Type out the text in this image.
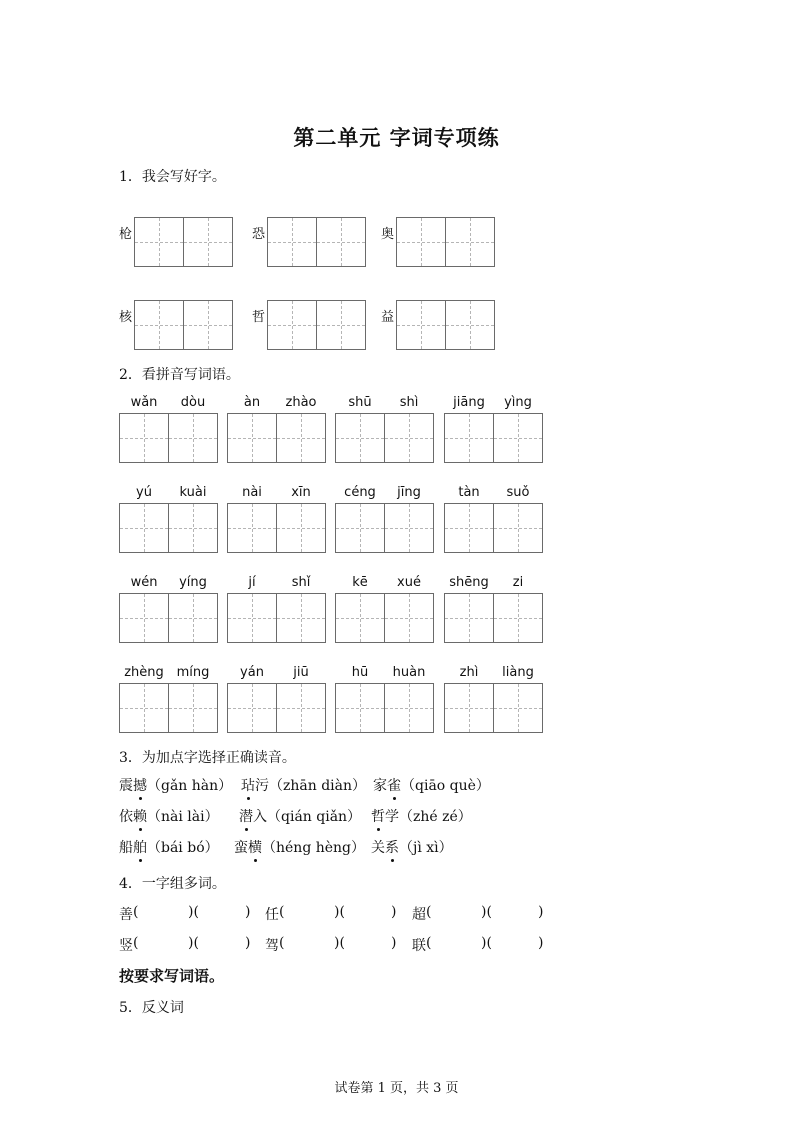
第二单元 字词专项练
1．我会写好字。
枪	恐	奥
核	哲	益
2．看拼音写词语。
wǎn	dòu	àn	zhào	shū	shì	jiāng	yìng
yú	kuài	nài	xīn	céng	jīng	tàn	suǒ
wén	yíng	jí	shǐ	kē	xué	shēng	zi
zhèng míng	yán	jiū	hū	huàn	zhì	liàng
3．为加点字选择正确读音。
震撼（gǎn hàn） 玷污（zhān diàn） 家雀（qiāo què）
依赖（nài lài） 潜入（qián qiǎn） 哲学（zhé zé）
船舶（bái bó） 蛮横（héng hèng） 关系（jì xì）
4．一字组多词。
善 (	)(	) 任 (	)(	) 超 (	)(	)
竖 (	)(	) 驾 (	)(	) 联 (	)(	)
按要求写词语。
5．反义词
试卷第 1 页，共 3 页
